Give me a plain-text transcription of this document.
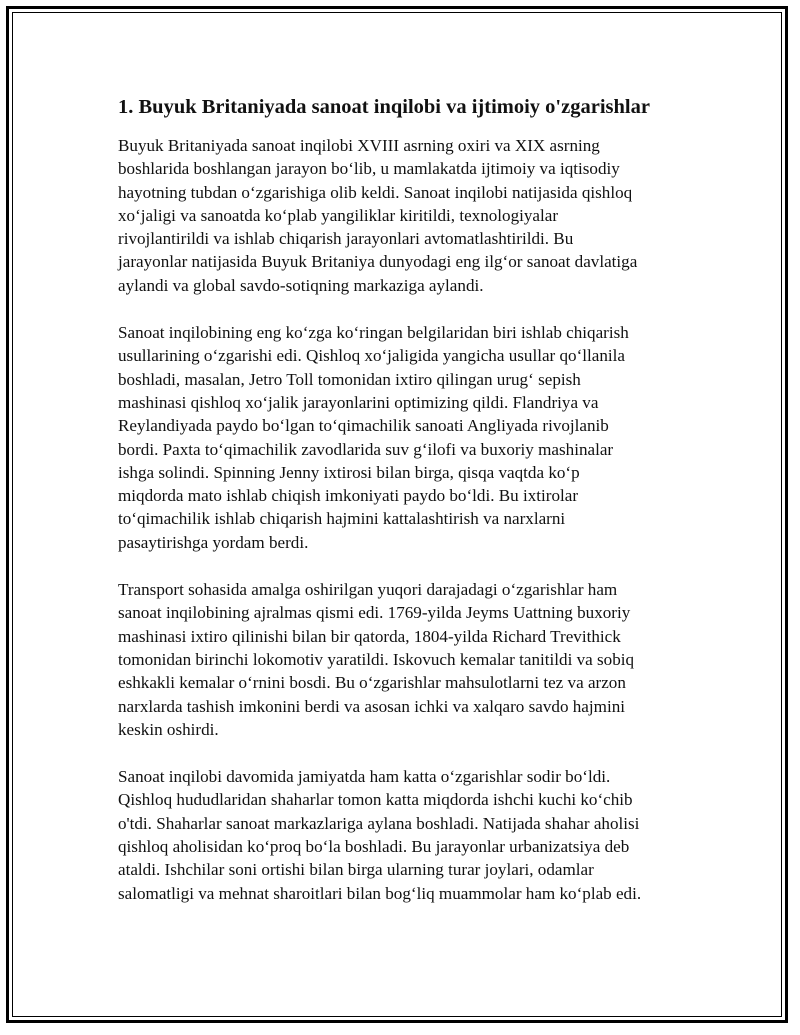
1. Buyuk Britaniyada sanoat inqilobi va ijtimoiy o'zgarishlar

Buyuk Britaniyada sanoat inqilobi XVIII asrning oxiri va XIX asrning
boshlarida boshlangan jarayon bo‘lib, u mamlakatda ijtimoiy va iqtisodiy
hayotning tubdan o‘zgarishiga olib keldi. Sanoat inqilobi natijasida qishloq
xo‘jaligi va sanoatda ko‘plab yangiliklar kiritildi, texnologiyalar
rivojlantirildi va ishlab chiqarish jarayonlari avtomatlashtirildi. Bu
jarayonlar natijasida Buyuk Britaniya dunyodagi eng ilg‘or sanoat davlatiga
aylandi va global savdo-sotiqning markaziga aylandi.

Sanoat inqilobining eng ko‘zga ko‘ringan belgilaridan biri ishlab chiqarish
usullarining o‘zgarishi edi. Qishloq xo‘jaligida yangicha usullar qo‘llanila
boshladi, masalan, Jetro Toll tomonidan ixtiro qilingan urug‘ sepish
mashinasi qishloq xo‘jalik jarayonlarini optimizing qildi. Flandriya va
Reylandiyada paydo bo‘lgan to‘qimachilik sanoati Angliyada rivojlanib
bordi. Paxta to‘qimachilik zavodlarida suv g‘ilofi va buxoriy mashinalar
ishga solindi. Spinning Jenny ixtirosi bilan birga, qisqa vaqtda ko‘p
miqdorda mato ishlab chiqish imkoniyati paydo bo‘ldi. Bu ixtirolar
to‘qimachilik ishlab chiqarish hajmini kattalashtirish va narxlarni
pasaytirishga yordam berdi.

Transport sohasida amalga oshirilgan yuqori darajadagi o‘zgarishlar ham
sanoat inqilobining ajralmas qismi edi. 1769-yilda Jeyms Uattning buxoriy
mashinasi ixtiro qilinishi bilan bir qatorda, 1804-yilda Richard Trevithick
tomonidan birinchi lokomotiv yaratildi. Iskovuch kemalar tanitildi va sobiq
eshkakli kemalar o‘rnini bosdi. Bu o‘zgarishlar mahsulotlarni tez va arzon
narxlarda tashish imkonini berdi va asosan ichki va xalqaro savdo hajmini
keskin oshirdi.

Sanoat inqilobi davomida jamiyatda ham katta o‘zgarishlar sodir bo‘ldi.
Qishloq hududlaridan shaharlar tomon katta miqdorda ishchi kuchi ko‘chib
o'tdi. Shaharlar sanoat markazlariga aylana boshladi. Natijada shahar aholisi
qishloq aholisidan ko‘proq bo‘la boshladi. Bu jarayonlar urbanizatsiya deb
ataldi. Ishchilar soni ortishi bilan birga ularning turar joylari, odamlar
salomatligi va mehnat sharoitlari bilan bog‘liq muammolar ham ko‘plab edi.
